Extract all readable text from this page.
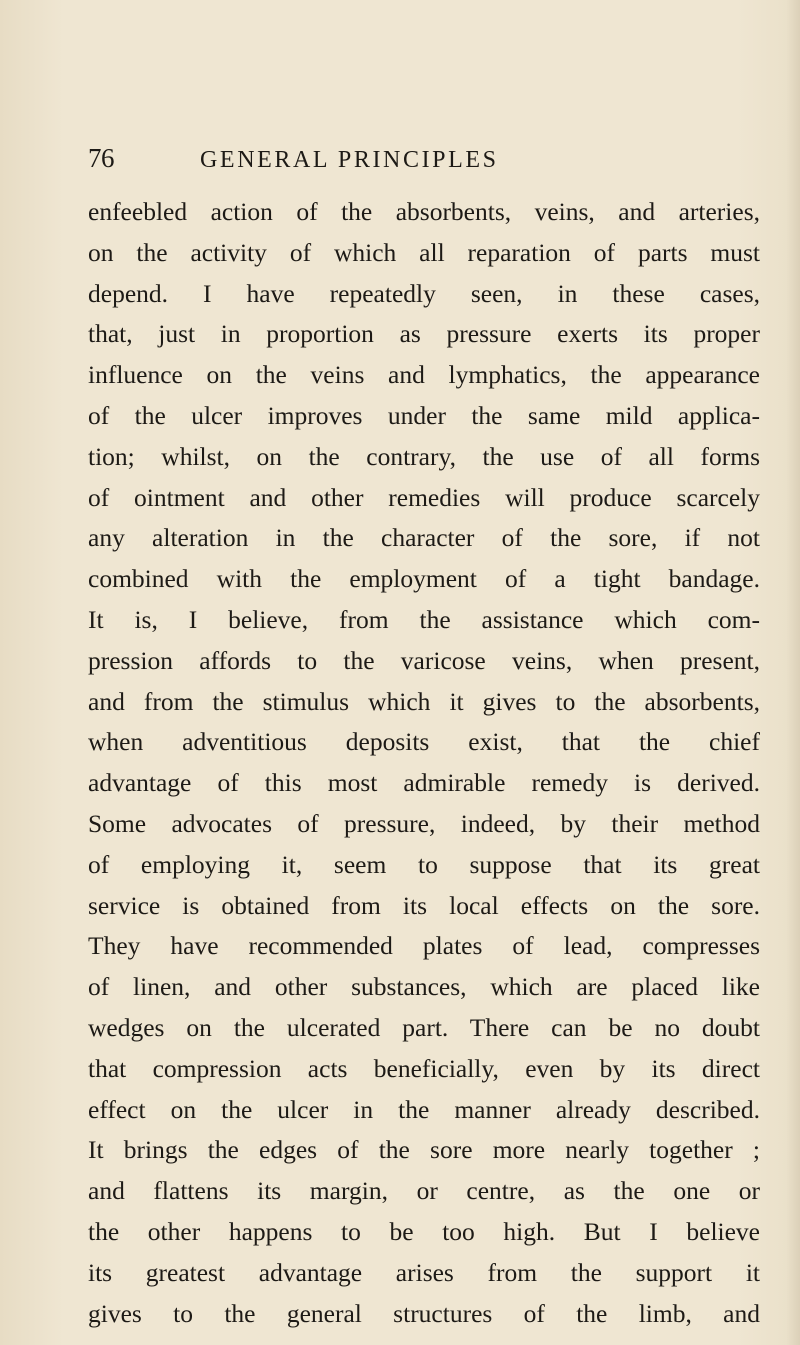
76	GENERAL PRINCIPLES
enfeebled action of the absorbents, veins, and arteries,
on the activity of which all reparation of parts must
depend. I have repeatedly seen, in these cases,
that, just in proportion as pressure exerts its proper
influence on the veins and lymphatics, the appearance
of the ulcer improves under the same mild applica-
tion; whilst, on the contrary, the use of all forms
of ointment and other remedies will produce scarcely
any alteration in the character of the sore, if not
combined with the employment of a tight bandage.
It is, I believe, from the assistance which com-
pression affords to the varicose veins, when present,
and from the stimulus which it gives to the absorbents,
when adventitious deposits exist, that the chief
advantage of this most admirable remedy is derived.
Some advocates of pressure, indeed, by their method
of employing it, seem to suppose that its great
service is obtained from its local effects on the sore.
They have recommended plates of lead, compresses
of linen, and other substances, which are placed like
wedges on the ulcerated part. There can be no doubt
that compression acts beneficially, even by its direct
effect on the ulcer in the manner already described.
It brings the edges of the sore more nearly together ;
and flattens its margin, or centre, as the one or
the other happens to be too high. But I believe
its greatest advantage arises from the support it
gives to the general structures of the limb, and
